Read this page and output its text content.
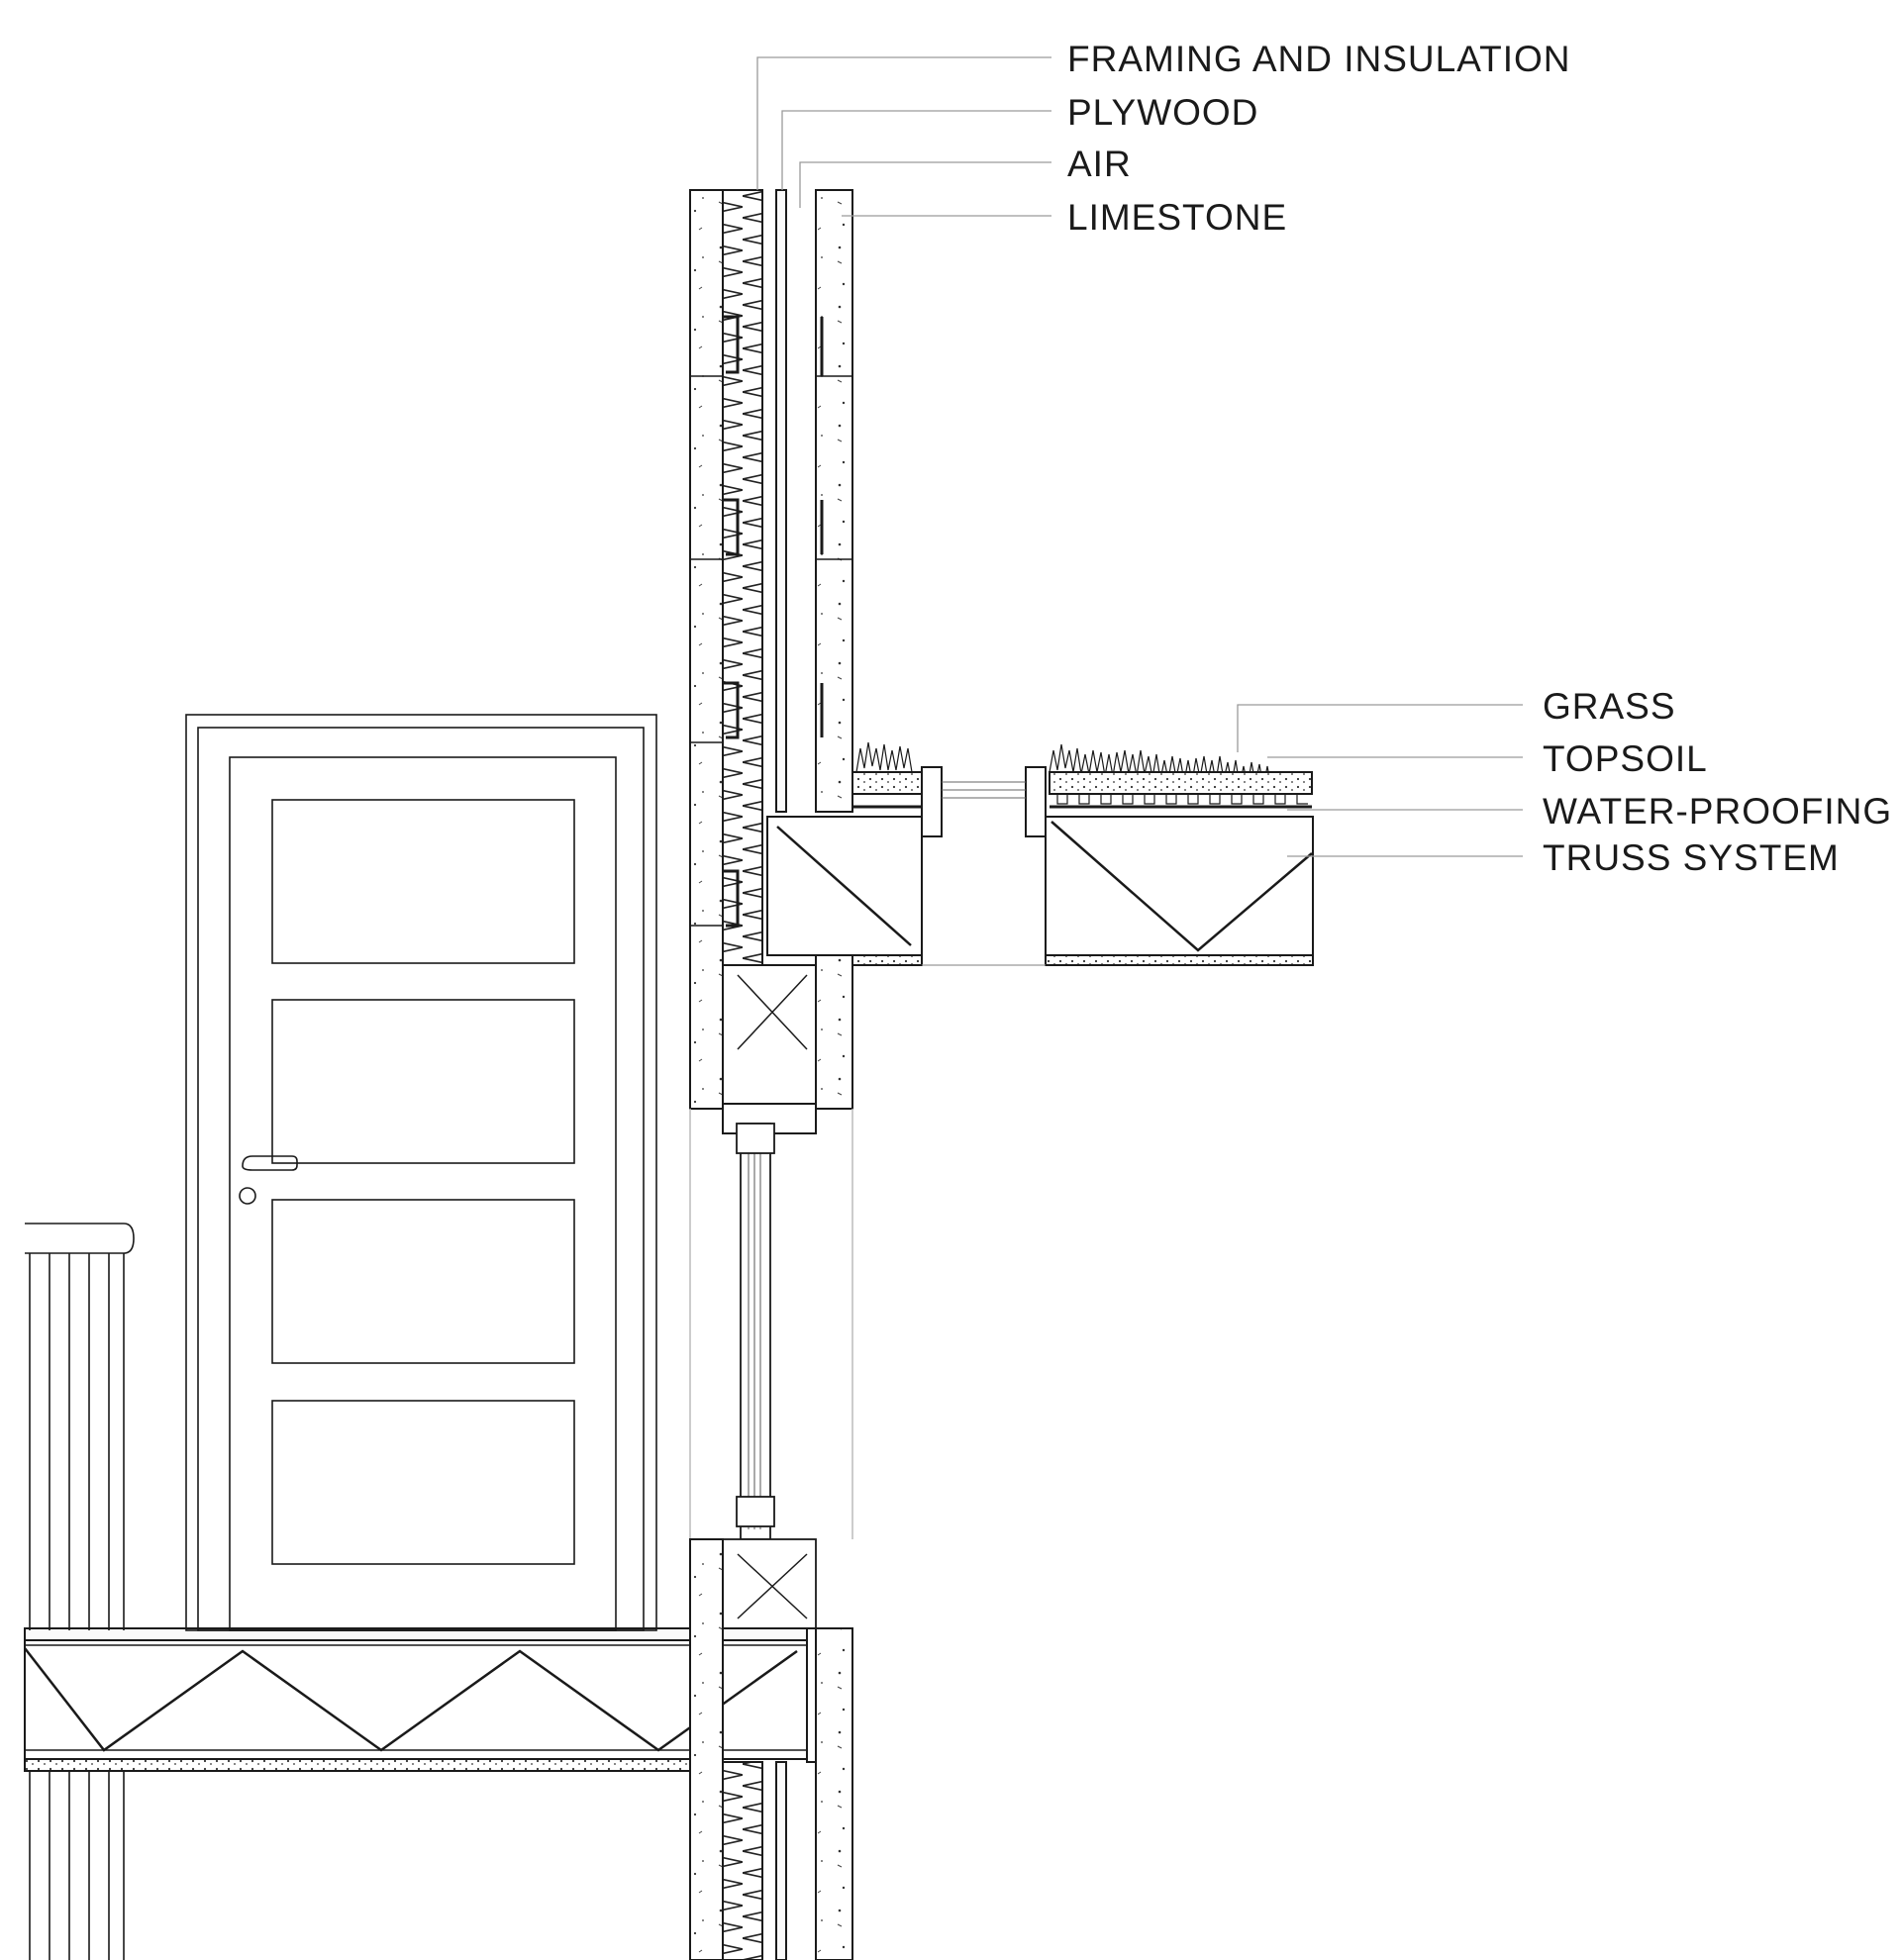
FRAMING AND INSULATION
PLYWOOD
AIR
LIMESTONE
GRASS
TOPSOIL
WATER-PROOFING
TRUSS SYSTEM
